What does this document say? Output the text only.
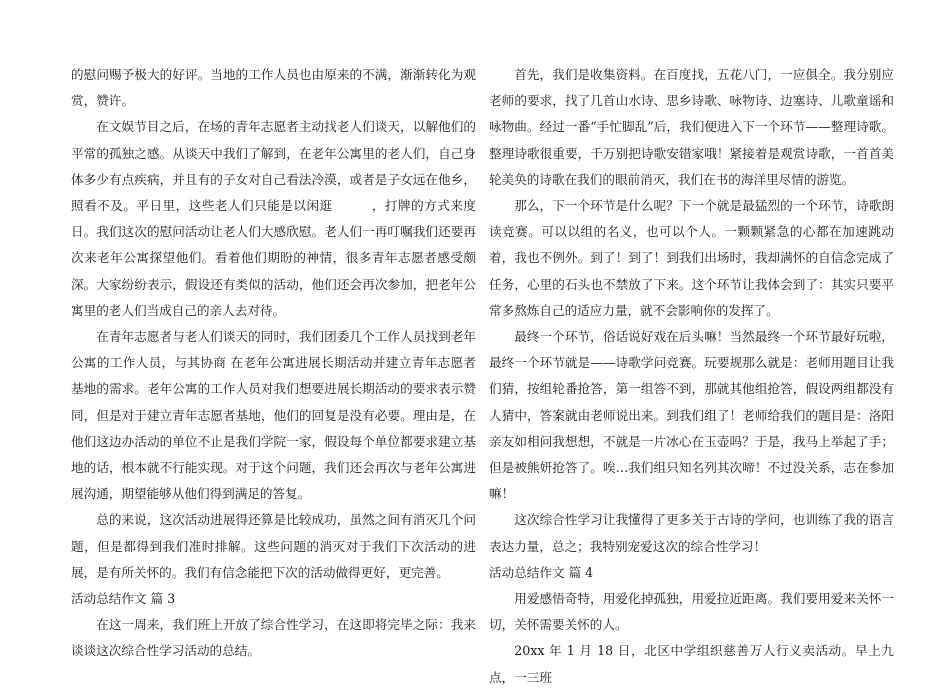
的慰问赐予极大的好评。当地的工作人员也由原来的不满，渐渐转化为观赏，赞许。

在文娱节目之后，在场的青年志愿者主动找老人们谈天，以解他们的平常的孤独之感。从谈天中我们了解到，在老年公寓里的老人们，自己身体多少有点疾病，并且有的子女对自己看法冷漠，或者是子女远在他乡，照看不及。平日里，这些老人们只能是以闲逛　　　，打牌的方式来度日。我们这次的慰问活动让老人们大感欣慰。老人们一再叮嘱我们还要再次来老年公寓探望他们。看着他们期盼的神情，很多青年志愿者感受颇深。大家纷纷表示，假设还有类似的活动，他们还会再次参加，把老年公寓里的老人们当成自己的亲人去对待。

在青年志愿者与老人们谈天的同时，我们团委几个工作人员找到老年公寓的工作人员，与其协商 在老年公寓进展长期活动并建立青年志愿者基地的需求。老年公寓的工作人员对我们想要进展长期活动的要求表示赞同，但是对于建立青年志愿者基地，他们的回复是没有必要。理由是，在他们这边办活动的单位不止是我们学院一家，假设每个单位都要求建立基地的话，根本就不行能实现。对于这个问题，我们还会再次与老年公寓进展沟通，期望能够从他们得到满足的答复。

总的来说，这次活动进展得还算是比较成功，虽然之间有消灭几个问题，但是都得到我们准时排解。这些问题的消灭对于我们下次活动的进展，是有所关怀的。我们有信念能把下次的活动做得更好，更完善。

活动总结作文 篇 3

在这一周来，我们班上开放了综合性学习，在这即将完毕之际：我来谈谈这次综合性学习活动的总结。

首先，我们是收集资料。在百度找，五花八门，一应俱全。我分别应老师的要求，找了几首山水诗、思乡诗歌、咏物诗、边塞诗、儿歌童谣和咏物曲。经过一番“手忙脚乱”后，我们便进入下一个环节——整理诗歌。整理诗歌很重要，千万别把诗歌安错家哦！紧接着是观赏诗歌，一首首美轮美奂的诗歌在我们的眼前消灭，我们在书的海洋里尽情的游览。

那么，下一个环节是什么呢？下一个就是最猛烈的一个环节，诗歌朗读竞赛。可以以组的名义，也可以个人。一颗颗紧急的心都在加速跳动着，我也不例外。到了！到了！到我们出场时，我却满怀的自信念完成了任务，心里的石头也不禁放了下来。这个环节让我体会到了：其实只要平常多熬炼自己的适应力量，就不会影响你的发挥了。

最终一个环节，俗话说好戏在后头嘛！当然最终一个环节最好玩啦，最终一个环节就是——诗歌学问竞赛。玩要规那么就是：老师用题目让我们猜，按组轮番抢答，第一组答不到，那就其他组抢答，假设两组都没有人猜中，答案就由老师说出来。到我们组了！老师给我们的题目是：洛阳亲友如相问我想想，不就是一片冰心在玉壶吗？于是，我马上举起了手；但是被熊妍抢答了。唉…我们组只知名列其次啼！不过没关系，志在参加嘛！

这次综合性学习让我懂得了更多关于古诗的学问，也训练了我的语言表达力量，总之；我特别宠爱这次的综合性学习！

活动总结作文 篇 4

用爱感悟奇特，用爱化掉孤独，用爱拉近距离。我们要用爱来关怀一切，关怀需要关怀的人。

20xx 年 1 月 18 日，北区中学组织慈善万人行义卖活动。早上九点，一三班
